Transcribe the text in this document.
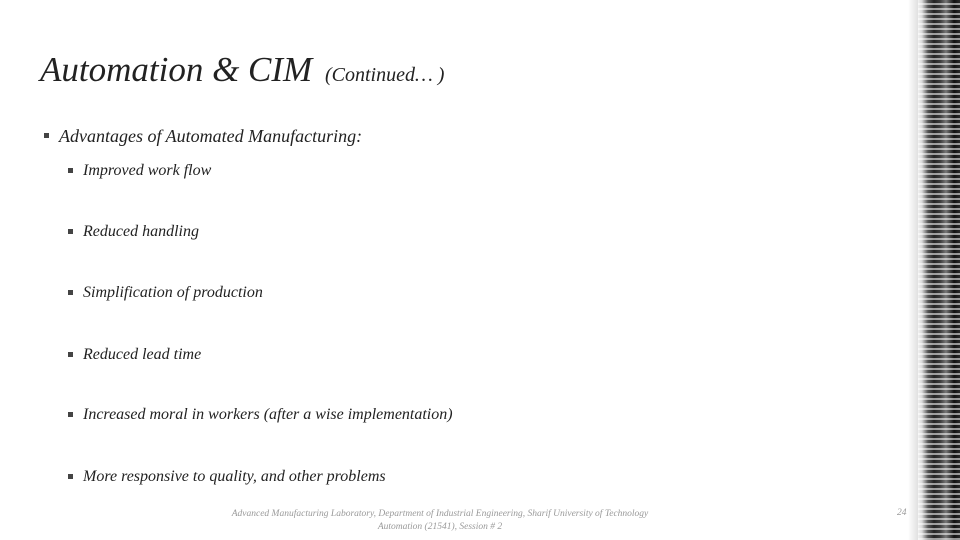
Automation & CIM (Continued… )
Advantages of Automated Manufacturing:
Improved work flow
Reduced handling
Simplification of production
Reduced lead time
Increased moral in workers (after a wise implementation)
More responsive to quality, and other problems
Advanced Manufacturing Laboratory, Department of Industrial Engineering, Sharif University of Technology
Automation (21541), Session # 2
24
